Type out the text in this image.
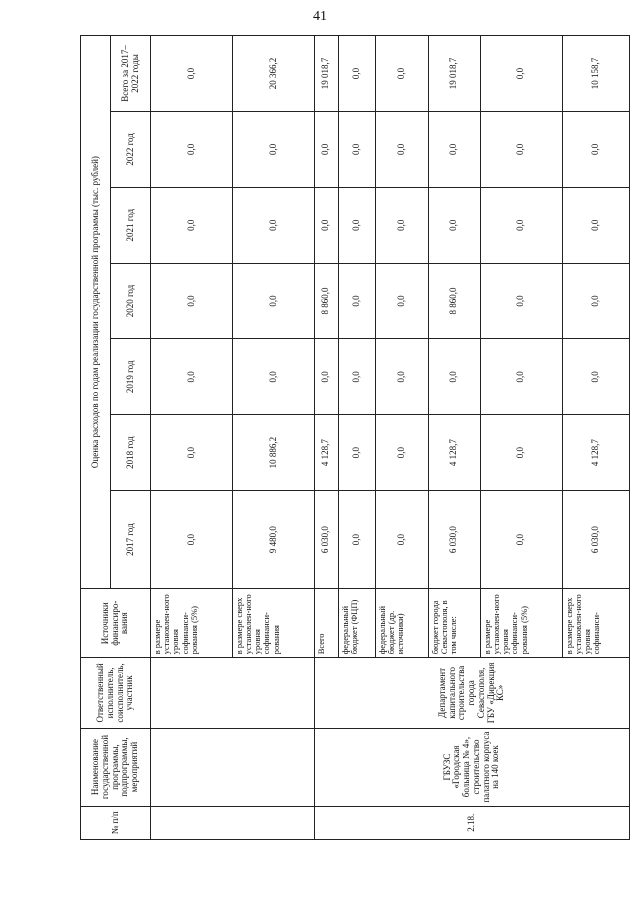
41
№ п/п	Наименование государственной программы, подпрограммы, мероприятий	Ответственный исполнитель, соисполнитель, участник	Источники финансиро-вания	Оценка расходов по годам реализации государственной программы (тыс. рублей)						
				2017 год	2018 год	2019 год	2020 год	2021 год	2022 год	Всего за 2017–2022 годы
			в размере установлен-ного уровня софинанси-рования (5%)	0,0	0,0	0,0	0,0	0,0	0,0	0,0
			в размере сверх установлен-ного уровня софинанси-рования	9 480,0	10 886,2	0,0	0,0	0,0	0,0	20 366,2
2.18.	ГБУЗС «Городская больница № 4», строительство палатного корпуса на 140 коек	Департамент капитального строительства города Севастополя, ГБУ «Дирекция КС»	Всего	6 030,0	4 128,7	0,0	8 860,0	0,0	0,0	19 018,7
			федеральный бюджет (ФЦП)	0,0	0,0	0,0	0,0	0,0	0,0	0,0
			федеральный бюджет (др. источники)	0,0	0,0	0,0	0,0	0,0	0,0	0,0
			бюджет города Севастополя, в том числе:	6 030,0	4 128,7	0,0	8 860,0	0,0	0,0	19 018,7
			в размере установлен-ного уровня софинанси-рования (5%)	0,0	0,0	0,0	0,0	0,0	0,0	0,0
			в размере сверх установлен-ного уровня софинанси-	6 030,0	4 128,7	0,0	0,0	0,0	0,0	10 158,7
